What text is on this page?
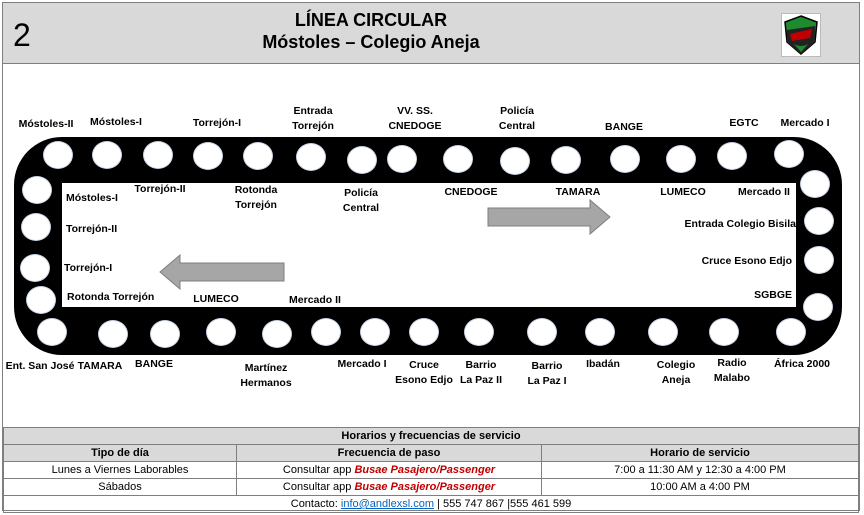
2	LÍNEA CIRCULAR
Móstoles – Colegio Aneja
Móstoles-II	Móstoles-I	Torrejón-I
Entrada
Torrejón
VV. SS.
CNEDOGE
Policía
Central	BANGE	EGTC	Mercado I
Torrejón-II	Rotonda
Torrejón
Policía
Central
CNEDOGE	TAMARA	LUMECO	Mercado II
Entrada Colegio Bisila
Cruce Esono Edjo
SGBGE
Móstoles-I
Torrejón-II
Torrejón-I
Rotonda Torrejón	LUMECO	Mercado II
Ent. San José TAMARA	BANGE	Martínez
Hermanos
Mercado I	Cruce
Esono Edjo
Barrio
La Paz II
Barrio
La Paz I
Ibadán	Colegio
Aneja
Radio
Malabo
África 2000
Horarios y frecuencias de servicio		
Tipo de día	Frecuencia de paso	Horario de servicio
Lunes a Viernes Laborables	Consultar app Busae Pasajero/Passenger	7:00 a 11:30 AM y 12:30 a 4:00 PM
Sábados	Consultar app Busae Pasajero/Passenger	10:00 AM a 4:00 PM
Contacto: info@andlexsl.com | 555 747 867 |555 461 599		
